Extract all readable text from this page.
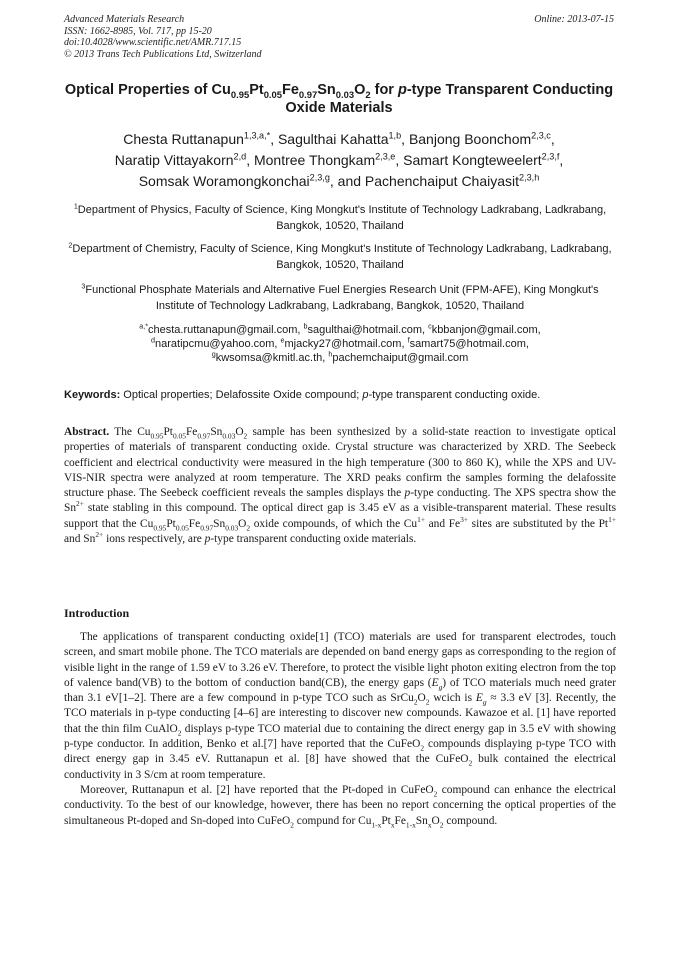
Advanced Materials Research
ISSN: 1662-8985, Vol. 717, pp 15-20
doi:10.4028/www.scientific.net/AMR.717.15
© 2013 Trans Tech Publications Ltd, Switzerland
Online: 2013-07-15
Optical Properties of $Cu_{0.95}Pt_{0.05}Fe_{0.97}Sn_{0.03}O_2$ for p-type Transparent Conducting Oxide Materials
Chesta Ruttanapun$^{1,3,a,*}$, Sagulthai Kahatta$^{1,b}$, Banjong Boonchom$^{2,3,c}$,
Naratip Vittayakorn$^{2,d}$, Montree Thongkam$^{2,3,e}$, Samart Kongteweelert$^{2,3,f}$,
Somsak Woramongkonchai$^{2,3,g}$, and Pachenchaiput Chaiyasit$^{2,3,h}$
$^1$Department of Physics, Faculty of Science, King Mongkut's Institute of Technology Ladkrabang, Ladkrabang, Bangkok, 10520, Thailand
$^2$Department of Chemistry, Faculty of Science, King Mongkut's Institute of Technology Ladkrabang, Ladkrabang, Bangkok, 10520, Thailand
$^3$Functional Phosphate Materials and Alternative Fuel Energies Research Unit (FPM-AFE), King Mongkut's Institute of Technology Ladkrabang, Ladkrabang, Bangkok, 10520, Thailand
$^{a,*}$chesta.ruttanapun@gmail.com, $^b$sagulthai@hotmail.com, $^c$kbbanjon@gmail.com,
$^d$naratipcmu@yahoo.com, $^e$mjacky27@hotmail.com, $^f$samart75@hotmail.com,
$^g$kwsomsa@kmitl.ac.th, $^h$pachemchaiput@gmail.com
Keywords: Optical properties; Delafossite Oxide compound; p-type transparent conducting oxide.

Abstract. The $Cu_{0.95}Pt_{0.05}Fe_{0.97}Sn_{0.03}O_2$ sample has been synthesized by a solid-state reaction to investigate optical properties of materials of transparent conducting oxide. Crystal structure was characterized by XRD. The Seebeck coefficient and electrical conductivity were measured in the high temperature (300 to 860 K), while the XPS and UV-VIS-NIR spectra were analyzed at room temperature. The XRD peaks confirm the samples forming the delafossite structure phase. The Seebeck coefficient reveals the samples displays the p-type conducting. The XPS spectra show the $Sn^{2+}$ state stabling in this compound. The optical direct gap is 3.45 eV as a visible-transparent material. These results support that the $Cu_{0.95}Pt_{0.05}Fe_{0.97}Sn_{0.03}O_2$ oxide compounds, of which the $Cu^{1+}$ and $Fe^{3+}$ sites are substituted by the $Pt^{1+}$ and $Sn^{2+}$ ions respectively, are p-type transparent conducting oxide materials.

Introduction

The applications of transparent conducting oxide[1] (TCO) materials are used for transparent electrodes, touch screen, and smart mobile phone. The TCO materials are depended on band energy gaps as corresponding to the region of visible light in the range of 1.59 eV to 3.26 eV. Therefore, to protect the visible light photon exiting electron from the top of valence band(VB) to the bottom of conduction band(CB), the energy gaps $(E_g)$ of TCO materials much need grater than 3.1 eV[1–2]. There are a few compound in p-type TCO such as $SrCu_2O_2$ wcich is $E_g \approx 3.3$ eV [3]. Recently, the TCO materials in p-type conducting [4–6] are interesting to discover new compounds. Kawazoe et al. [1] have reported that the thin film CuAlO$_2$ displays p-type TCO material due to containing the direct energy gap in 3.5 eV with showing p-type conductor. In addition, Benko et al.[7] have reported that the CuFeO$_2$ compounds displaying p-type TCO with direct energy gap in 3.45 eV. Ruttanapun et al. [8] have showed that the CuFeO$_2$ bulk contained the electrical conductivity in 3 S/cm at room temperature.

Moreover, Ruttanapun et al. [2] have reported that the Pt-doped in CuFeO$_2$ compound can enhance the electrical conductivity. To the best of our knowledge, however, there has been no report concerning the optical properties of the simultaneous Pt-doped and Sn-doped into CuFeO$_2$ compund for $Cu_{1-x}Pt_xFe_{1-x}Sn_xO_2$ compound.
